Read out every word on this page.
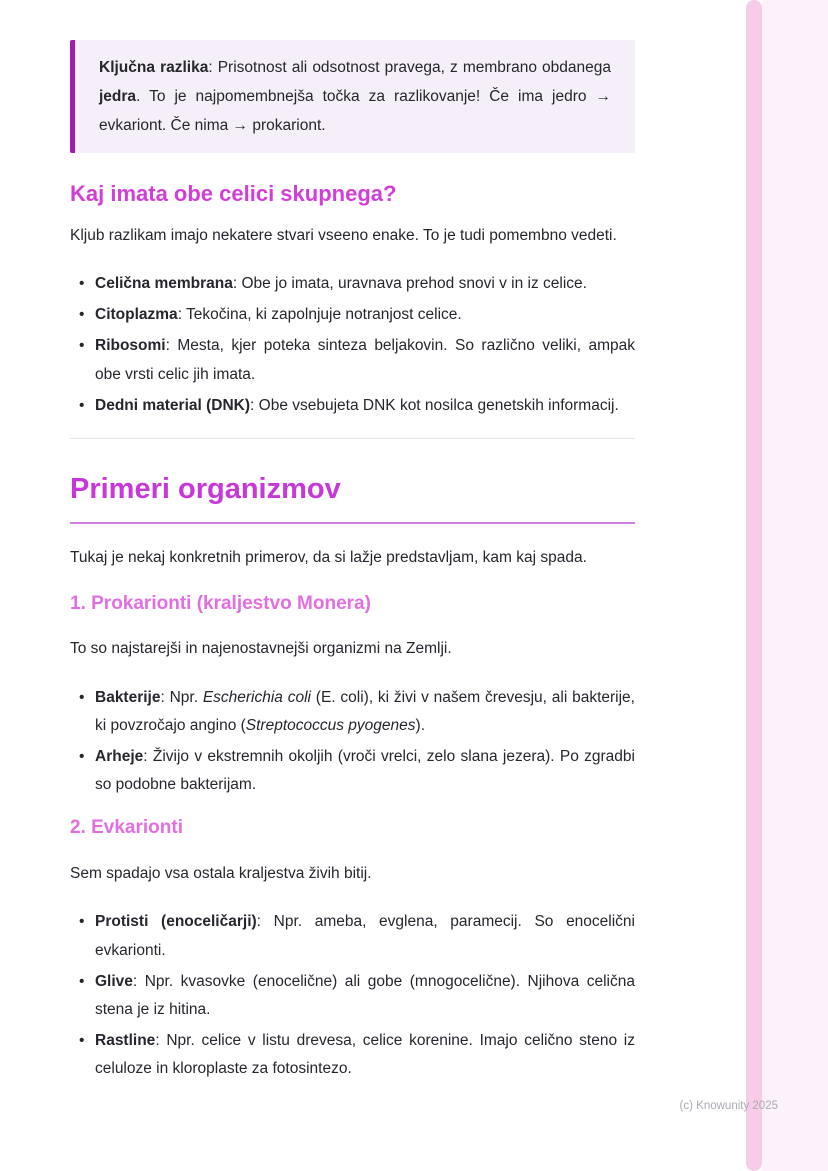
Ključna razlika: Prisotnost ali odsotnost pravega, z membrano obdanega jedra. To je najpomembnejša točka za razlikovanje! Če ima jedro → evkariont. Če nima → prokariont.

Kaj imata obe celici skupnega?

Kljub razlikam imajo nekatere stvari vseeno enake. To je tudi pomembno vedeti.

• Celična membrana: Obe jo imata, uravnava prehod snovi v in iz celice.
• Citoplazma: Tekočina, ki zapolnjuje notranjost celice.
• Ribosomi: Mesta, kjer poteka sinteza beljakovin. So različno veliki, ampak obe vrsti celic jih imata.
• Dedni material (DNK): Obe vsebujeta DNK kot nosilca genetskih informacij.
Primeri organizmov

Tukaj je nekaj konkretnih primerov, da si lažje predstavljam, kam kaj spada.

1. Prokarionti (kraljestvo Monera)

To so najstarejši in najenostavnejši organizmi na Zemlji.

• Bakterije: Npr. Escherichia coli (E. coli), ki živi v našem črevesju, ali bakterije, ki povzročajo angino (Streptococcus pyogenes).
• Arheje: Živijo v ekstremnih okoljih (vroči vrelci, zelo slana jezera). Po zgradbi so podobne bakterijam.
2. Evkarionti

Sem spadajo vsa ostala kraljestva živih bitij.

• Protisti (enoceličarji): Npr. ameba, evglena, paramecij. So enocelični evkarionti.
• Glive: Npr. kvasovke (enocelične) ali gobe (mnogocelične). Njihova celična stena je iz hitina.
• Rastline: Npr. celice v listu drevesa, celice korenine. Imajo celično steno iz celuloze in kloroplaste za fotosintezo.
(c) Knowunity 2025
